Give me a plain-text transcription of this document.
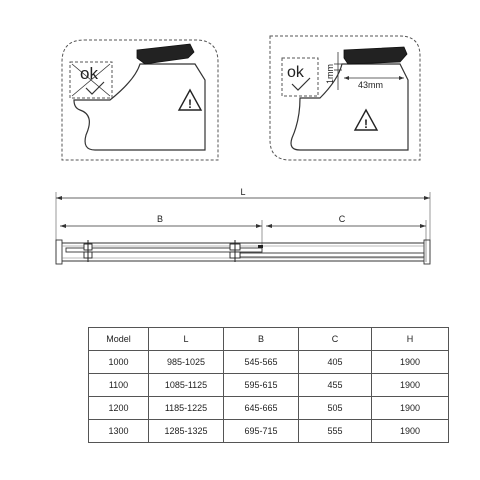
ok
!
ok 1mm
43mm
!
L
B	C
Model	L	B	C	H
1000	985-1025	545-565	405	1900
1100	1085-1125	595-615	455	1900
1200	1185-1225	645-665	505	1900
1300	1285-1325	695-715	555	1900
